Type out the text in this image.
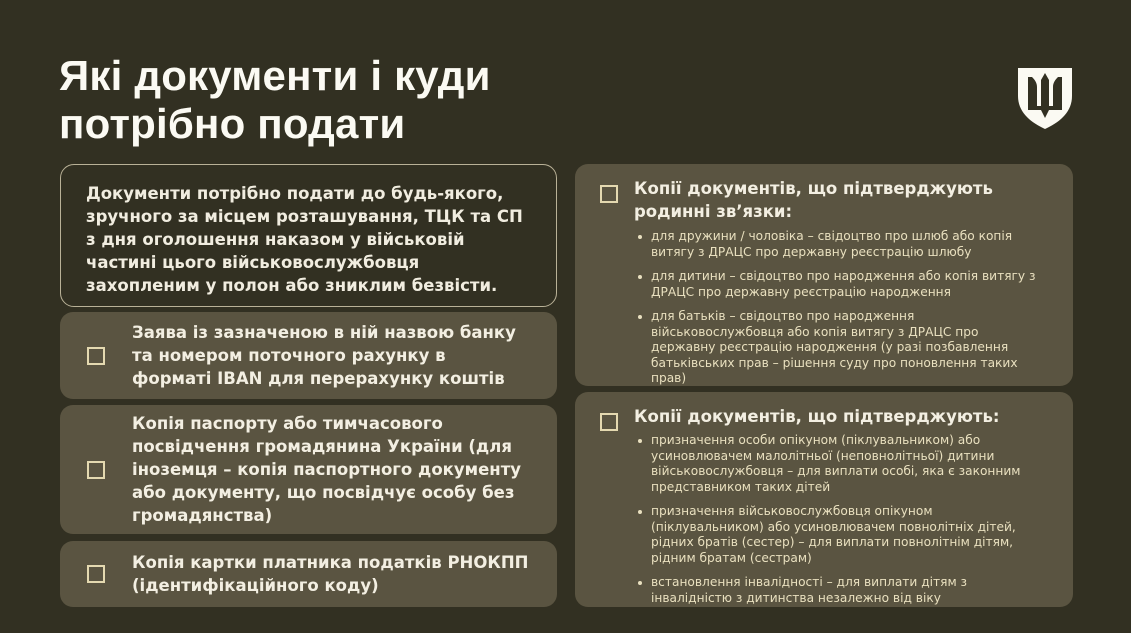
Які документи і куди
потрібно подати
Документи потрібно подати до будь-якого,
зручного за місцем розташування, ТЦК та СП
з дня оголошення наказом у військовій
частині цього військовослужбовця
захопленим у полон або зниклим безвісти.
Заява із зазначеною в ній назвою банку
та номером поточного рахунку в
форматі IBAN для перерахунку коштів
Копія паспорту або тимчасового
посвідчення громадянина України (для
іноземця – копія паспортного документу
або документу, що посвідчує особу без
громадянства)
Копія картки платника податків РНОКПП
(ідентифікаційного коду)
Копії документів, що підтверджують
родинні зв’язки:
для дружини / чоловіка – свідоцтво про шлюб або копія
витягу з ДРАЦС про державну реєстрацію шлюбу
для дитини – свідоцтво про народження або копія витягу з
ДРАЦС про державну реєстрацію народження
для батьків – свідоцтво про народження
військовослужбовця або копія витягу з ДРАЦС про
державну реєстрацію народження (у разі позбавлення
батьківських прав – рішення суду про поновлення таких
прав)
Копії документів, що підтверджують:
призначення особи опікуном (піклувальником) або
усиновлювачем малолітньої (неповнолітньої) дитини
військовослужбовця – для виплати особі, яка є законним
представником таких дітей
призначення військовослужбовця опікуном
(піклувальником) або усиновлювачем повнолітніх дітей,
рідних братів (сестер) – для виплати повнолітнім дітям,
рідним братам (сестрам)
встановлення інвалідності – для виплати дітям з
інвалідністю з дитинства незалежно від віку
